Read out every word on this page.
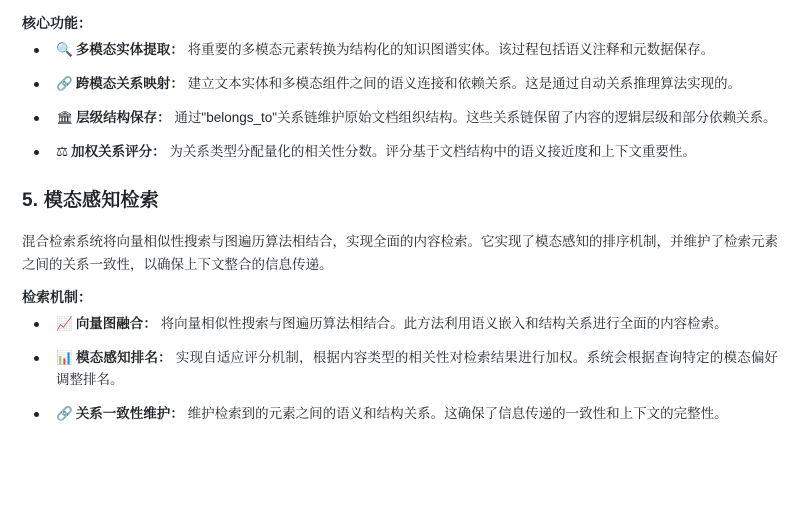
核心功能：
🔍 多模态实体提取： 将重要的多模态元素转换为结构化的知识图谱实体。该过程包括语义注释和元数据保存。
🔗 跨模态关系映射： 建立文本实体和多模态组件之间的语义连接和依赖关系。这是通过自动关系推理算法实现的。
🏛 层级结构保存： 通过"belongs_to"关系链维护原始文档组织结构。这些关系链保留了内容的逻辑层级和部分依赖关系。
⚖ 加权关系评分： 为关系类型分配量化的相关性分数。评分基于文档结构中的语义接近度和上下文重要性。
5. 模态感知检索

混合检索系统将向量相似性搜索与图遍历算法相结合，实现全面的内容检索。它实现了模态感知的排序机制，并维护了检索元素之间的关系一致性，以确保上下文整合的信息传递。

检索机制：
📈 向量图融合： 将向量相似性搜索与图遍历算法相结合。此方法利用语义嵌入和结构关系进行全面的内容检索。
📊 模态感知排名： 实现自适应评分机制，根据内容类型的相关性对检索结果进行加权。系统会根据查询特定的模态偏好调整排名。
🔗 关系一致性维护： 维护检索到的元素之间的语义和结构关系。这确保了信息传递的一致性和上下文的完整性。
